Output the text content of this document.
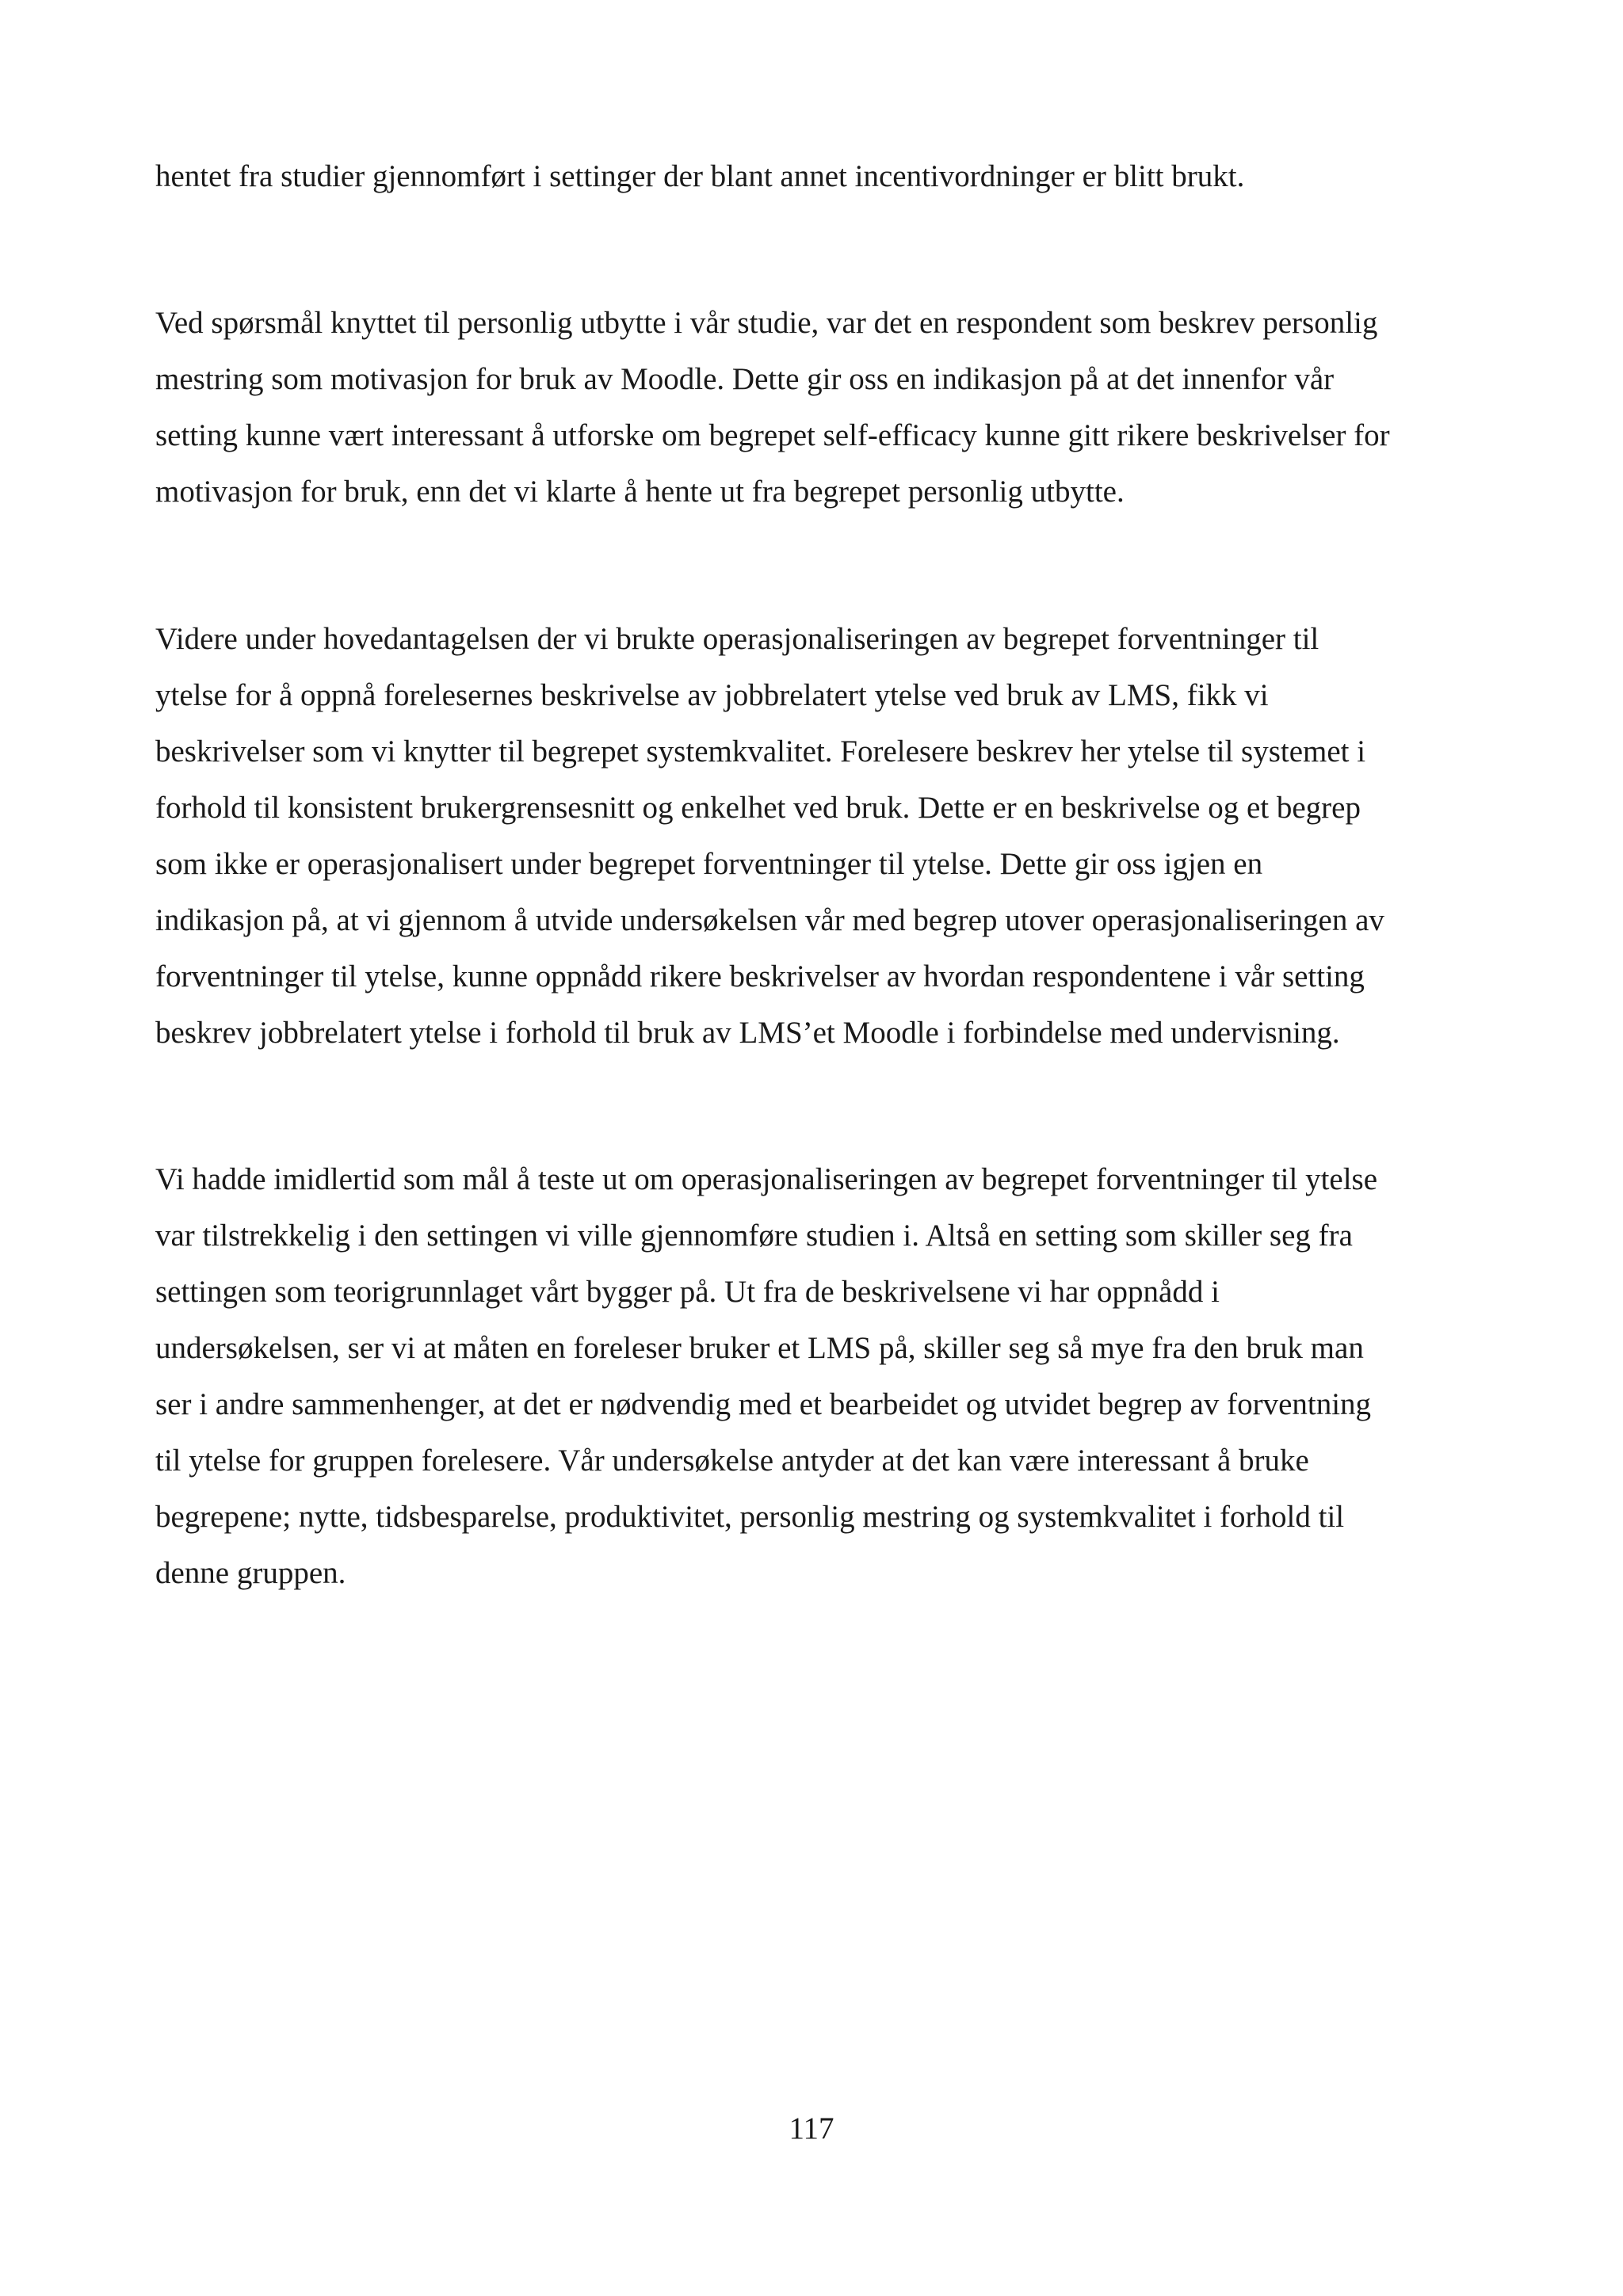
hentet fra studier gjennomført i settinger der blant annet incentivordninger er blitt brukt.
Ved spørsmål knyttet til personlig utbytte i vår studie, var det en respondent som beskrev personlig
mestring som motivasjon for bruk av Moodle. Dette gir oss en indikasjon på at det innenfor vår
setting kunne vært interessant å utforske om begrepet self-efficacy kunne gitt rikere beskrivelser for
motivasjon for bruk, enn det vi klarte å hente ut fra begrepet personlig utbytte.
Videre under hovedantagelsen der vi brukte operasjonaliseringen av begrepet forventninger til
ytelse for å oppnå forelesernes beskrivelse av jobbrelatert ytelse ved bruk av LMS, fikk vi
beskrivelser som vi knytter til begrepet systemkvalitet. Forelesere beskrev her ytelse til systemet i
forhold til konsistent brukergrensesnitt og enkelhet ved bruk. Dette er en beskrivelse og et begrep
som ikke er operasjonalisert under begrepet forventninger til ytelse. Dette gir oss igjen en
indikasjon på, at vi gjennom å utvide undersøkelsen vår med begrep utover operasjonaliseringen av
forventninger til ytelse, kunne oppnådd rikere beskrivelser av hvordan respondentene i vår setting
beskrev jobbrelatert ytelse i forhold til bruk av LMS’et Moodle i forbindelse med undervisning.
Vi hadde imidlertid som mål å teste ut om operasjonaliseringen av begrepet forventninger til ytelse
var tilstrekkelig i den settingen vi ville gjennomføre studien i. Altså en setting som skiller seg fra
settingen som teorigrunnlaget vårt bygger på. Ut fra de beskrivelsene vi har oppnådd i
undersøkelsen, ser vi at måten en foreleser bruker et LMS på, skiller seg så mye fra den bruk man
ser i andre sammenhenger, at det er nødvendig med et bearbeidet og utvidet begrep av forventning
til ytelse for gruppen forelesere. Vår undersøkelse antyder at det kan være interessant å bruke
begrepene; nytte, tidsbesparelse, produktivitet, personlig mestring og systemkvalitet i forhold til
denne gruppen.
117
